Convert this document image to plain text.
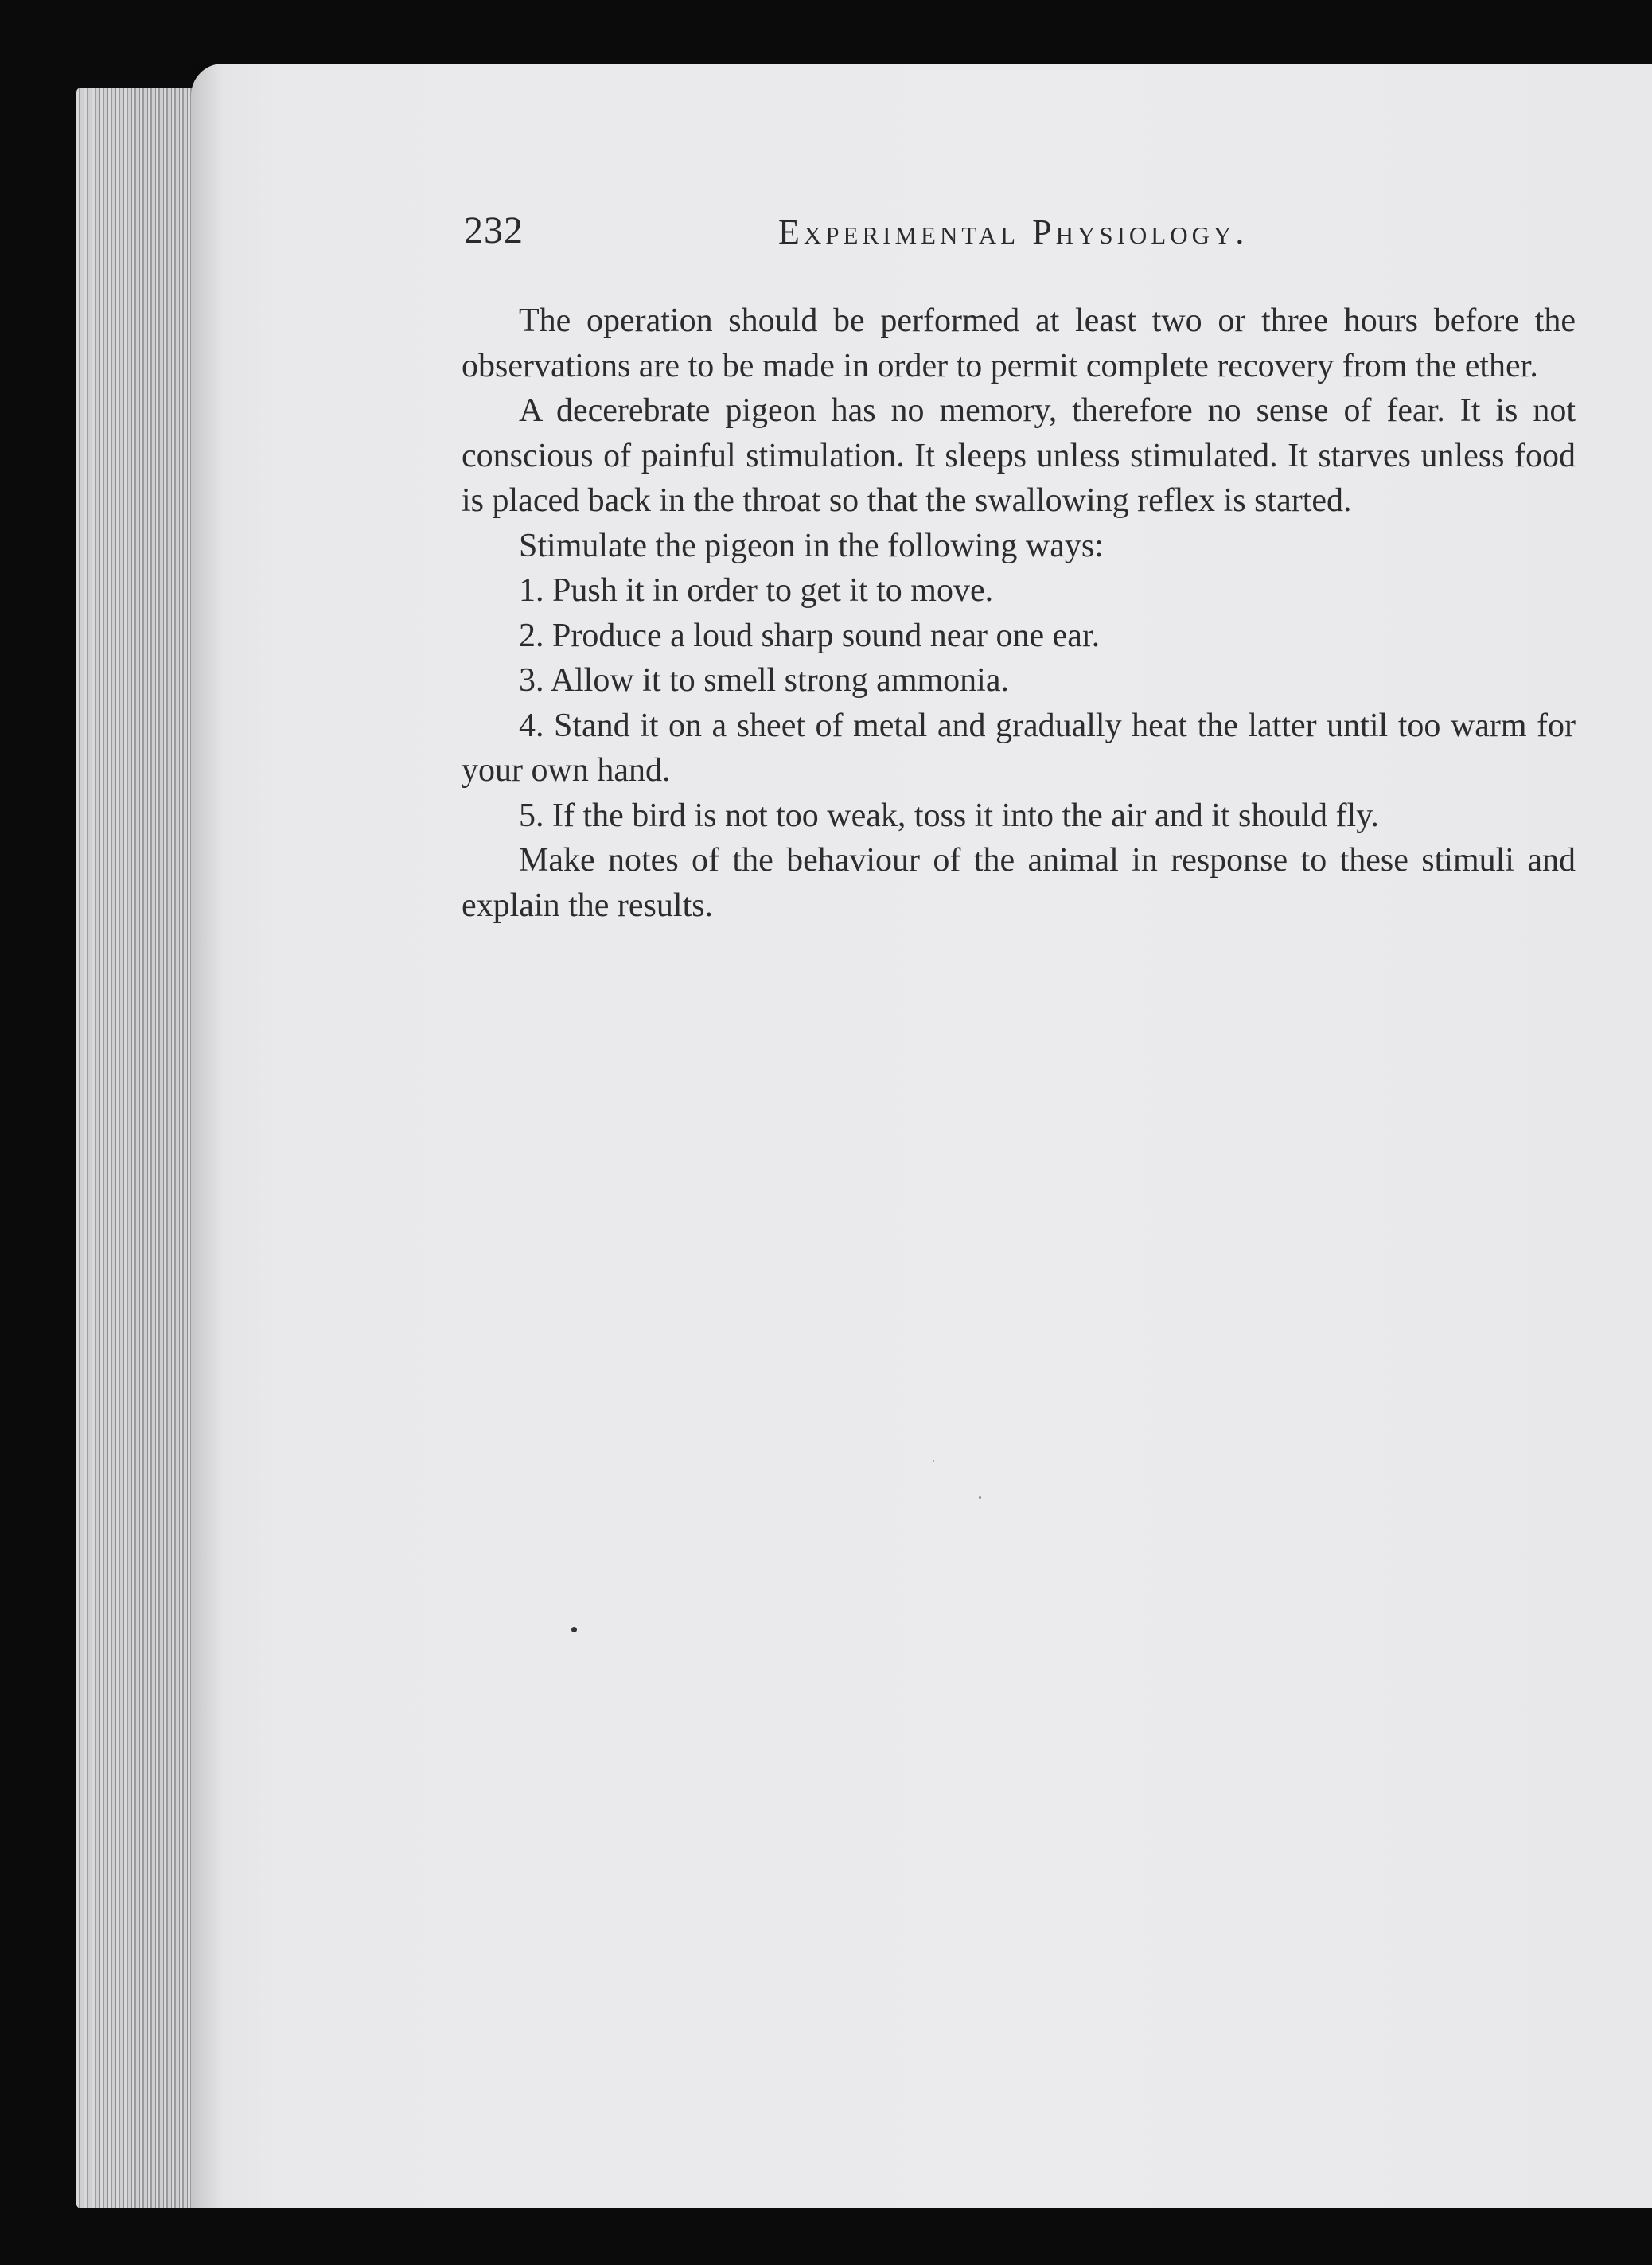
232	Experimental Physiology.

The operation should be performed at least two or three hours before the observations are to be made in order to permit complete recovery from the ether.

A decerebrate pigeon has no memory, therefore no sense of fear. It is not conscious of painful stimulation. It sleeps unless stimulated. It starves unless food is placed back in the throat so that the swallowing reflex is started.

Stimulate the pigeon in the following ways:

1. Push it in order to get it to move.

2. Produce a loud sharp sound near one ear.

3. Allow it to smell strong ammonia.

4. Stand it on a sheet of metal and gradually heat the latter until too warm for your own hand.

5. If the bird is not too weak, toss it into the air and it should fly.

Make notes of the behaviour of the animal in response to these stimuli and explain the results.
